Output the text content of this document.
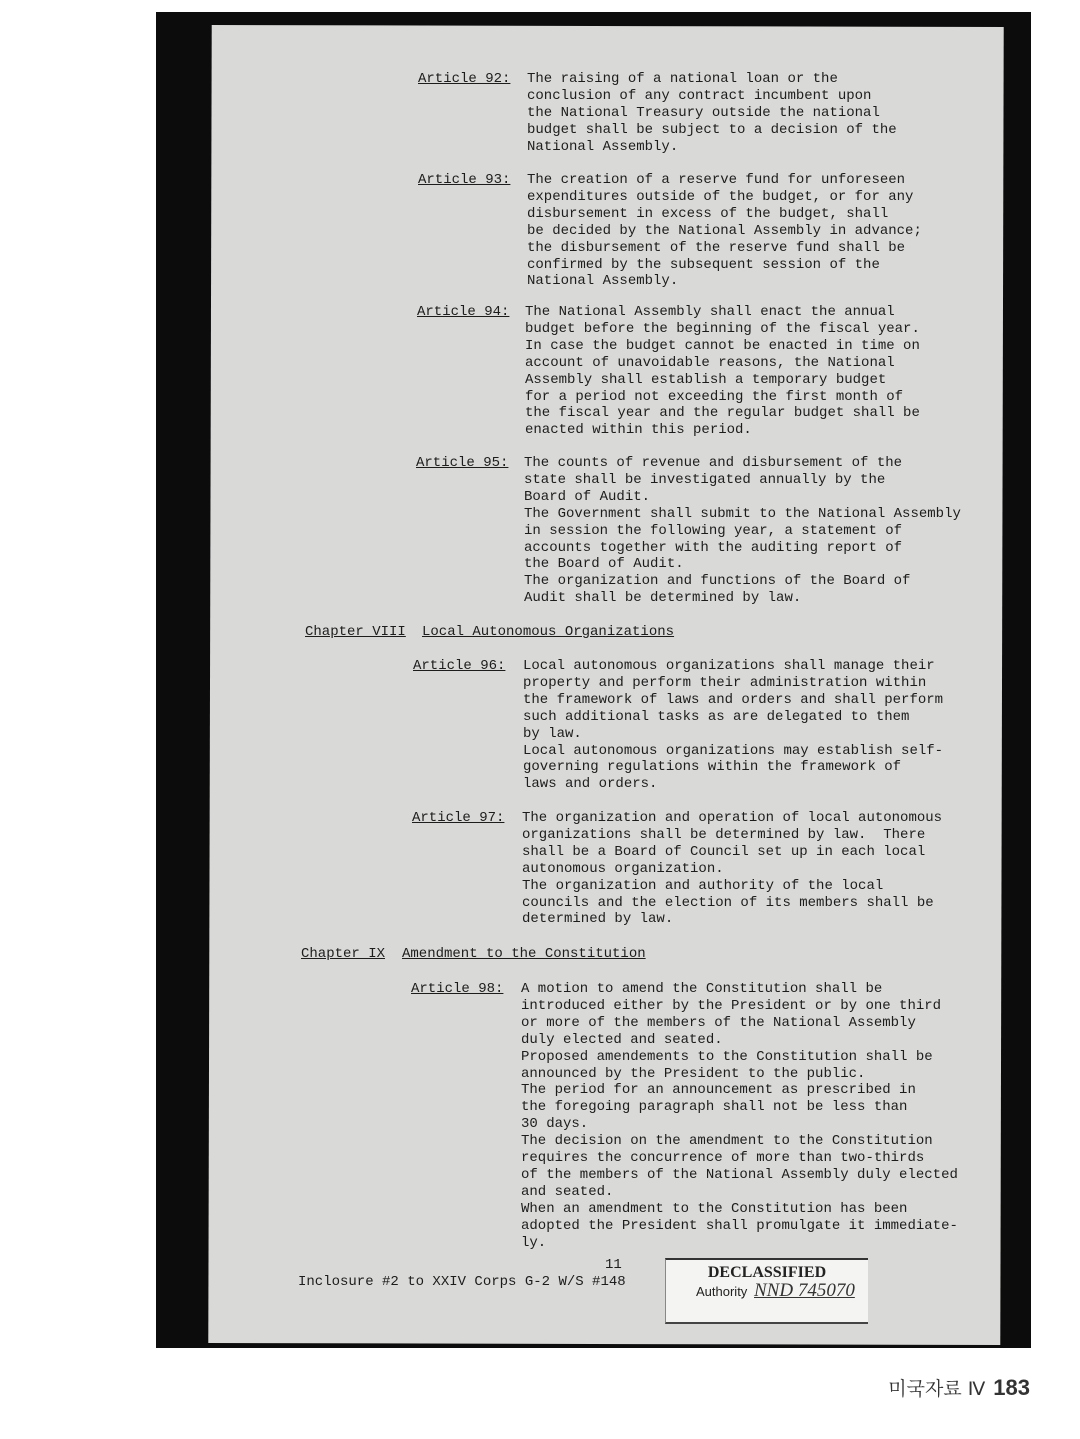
Article 92: The raising of a national loan or the
conclusion of any contract incumbent upon
the National Treasury outside the national
budget shall be subject to a decision of the
National Assembly.
Article 93: The creation of a reserve fund for unforeseen
expenditures outside of the budget, or for any
disbursement in excess of the budget, shall
be decided by the National Assembly in advance;
the disbursement of the reserve fund shall be
confirmed by the subsequent session of the
National Assembly.
Article 94: The National Assembly shall enact the annual
budget before the beginning of the fiscal year.
In case the budget cannot be enacted in time on
account of unavoidable reasons, the National
Assembly shall establish a temporary budget
for a period not exceeding the first month of
the fiscal year and the regular budget shall be
enacted within this period.
Article 95: The counts of revenue and disbursement of the
state shall be investigated annually by the
Board of Audit.
The Government shall submit to the National Assembly
in session the following year, a statement of
accounts together with the auditing report of
the Board of Audit.
The organization and functions of the Board of
Audit shall be determined by law.
Article 96: Local autonomous organizations shall manage their
property and perform their administration within
the framework of laws and orders and shall perform
such additional tasks as are delegated to them
by law.
Local autonomous organizations may establish self-
governing regulations within the framework of
laws and orders.
Article 97: The organization and operation of local autonomous
organizations shall be determined by law.  There
shall be a Board of Council set up in each local
autonomous organization.
The organization and authority of the local
councils and the election of its members shall be
determined by law.
Article 98: A motion to amend the Constitution shall be
introduced either by the President or by one third
or more of the members of the National Assembly
duly elected and seated.
Proposed amendements to the Constitution shall be
announced by the President to the public.
The period for an announcement as prescribed in
the foregoing paragraph shall not be less than
30 days.
The decision on the amendment to the Constitution
requires the concurrence of more than two-thirds
of the members of the National Assembly duly elected
and seated.
When an amendment to the Constitution has been
adopted the President shall promulgate it immediate-
ly.
Chapter VIII Local Autonomous Organizations
Chapter IX Amendment to the Constitution
11
Inclosure #2 to XXIV Corps G-2 W/S #148
DECLASSIFIED
Authority NND 745070
미국자료 Ⅳ 183
